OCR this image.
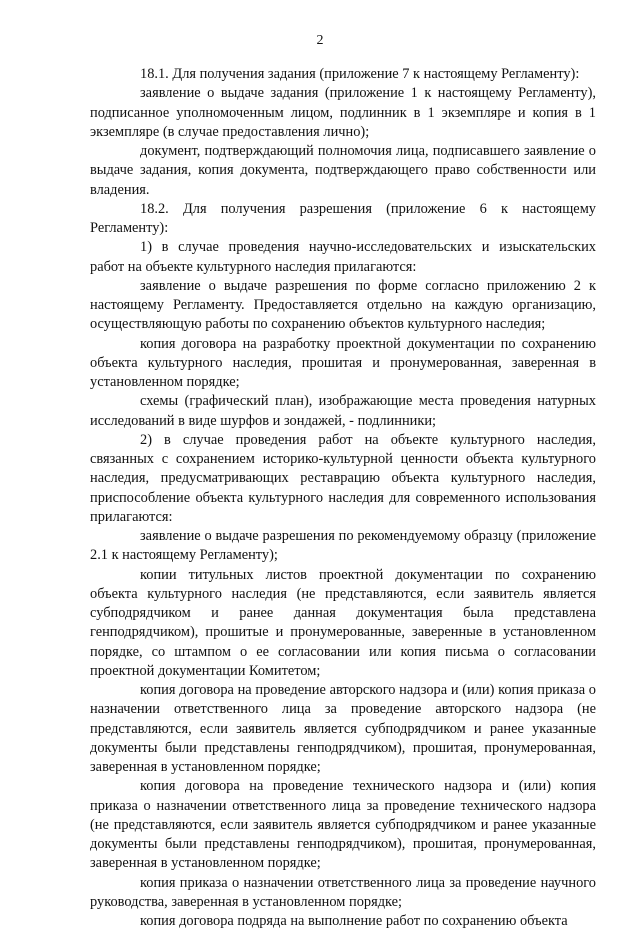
2

18.1. Для получения задания (приложение 7 к настоящему Регламенту):

заявление о выдаче задания (приложение 1 к настоящему Регламенту), подписанное уполномоченным лицом, подлинник в 1 экземпляре и копия в 1 экземпляре (в случае предоставления лично);

документ, подтверждающий полномочия лица, подписавшего заявление о выдаче задания, копия документа, подтверждающего право собственности или владения.

18.2. Для получения разрешения (приложение 6 к настоящему Регламенту):

1) в случае проведения научно-исследовательских и изыскательских работ на объекте культурного наследия прилагаются:

заявление о выдаче разрешения по форме согласно приложению 2 к настоящему Регламенту. Предоставляется отдельно на каждую организацию, осуществляющую работы по сохранению объектов культурного наследия;

копия договора на разработку проектной документации по сохранению объекта культурного наследия, прошитая и пронумерованная, заверенная в установленном порядке;

схемы (графический план), изображающие места проведения натурных исследований в виде шурфов и зондажей, - подлинники;

2) в случае проведения работ на объекте культурного наследия, связанных с сохранением историко-культурной ценности объекта культурного наследия, предусматривающих реставрацию объекта культурного наследия, приспособление объекта культурного наследия для современного использования прилагаются:

заявление о выдаче разрешения по рекомендуемому образцу (приложение 2.1 к настоящему Регламенту);

копии титульных листов проектной документации по сохранению объекта культурного наследия (не представляются, если заявитель является субподрядчиком и ранее данная документация была представлена генподрядчиком), прошитые и пронумерованные, заверенные в установленном порядке, со штампом о ее согласовании или копия письма о согласовании проектной документации Комитетом;

копия договора на проведение авторского надзора и (или) копия приказа о назначении ответственного лица за проведение авторского надзора (не представляются, если заявитель является субподрядчиком и ранее указанные документы были представлены генподрядчиком), прошитая, пронумерованная, заверенная в установленном порядке;

копия договора на проведение технического надзора и (или) копия приказа о назначении ответственного лица за проведение технического надзора (не представляются, если заявитель является субподрядчиком и ранее указанные документы были представлены генподрядчиком), прошитая, пронумерованная, заверенная в установленном порядке;

копия приказа о назначении ответственного лица за проведение научного руководства, заверенная в установленном порядке;

копия договора подряда на выполнение работ по сохранению объекта
